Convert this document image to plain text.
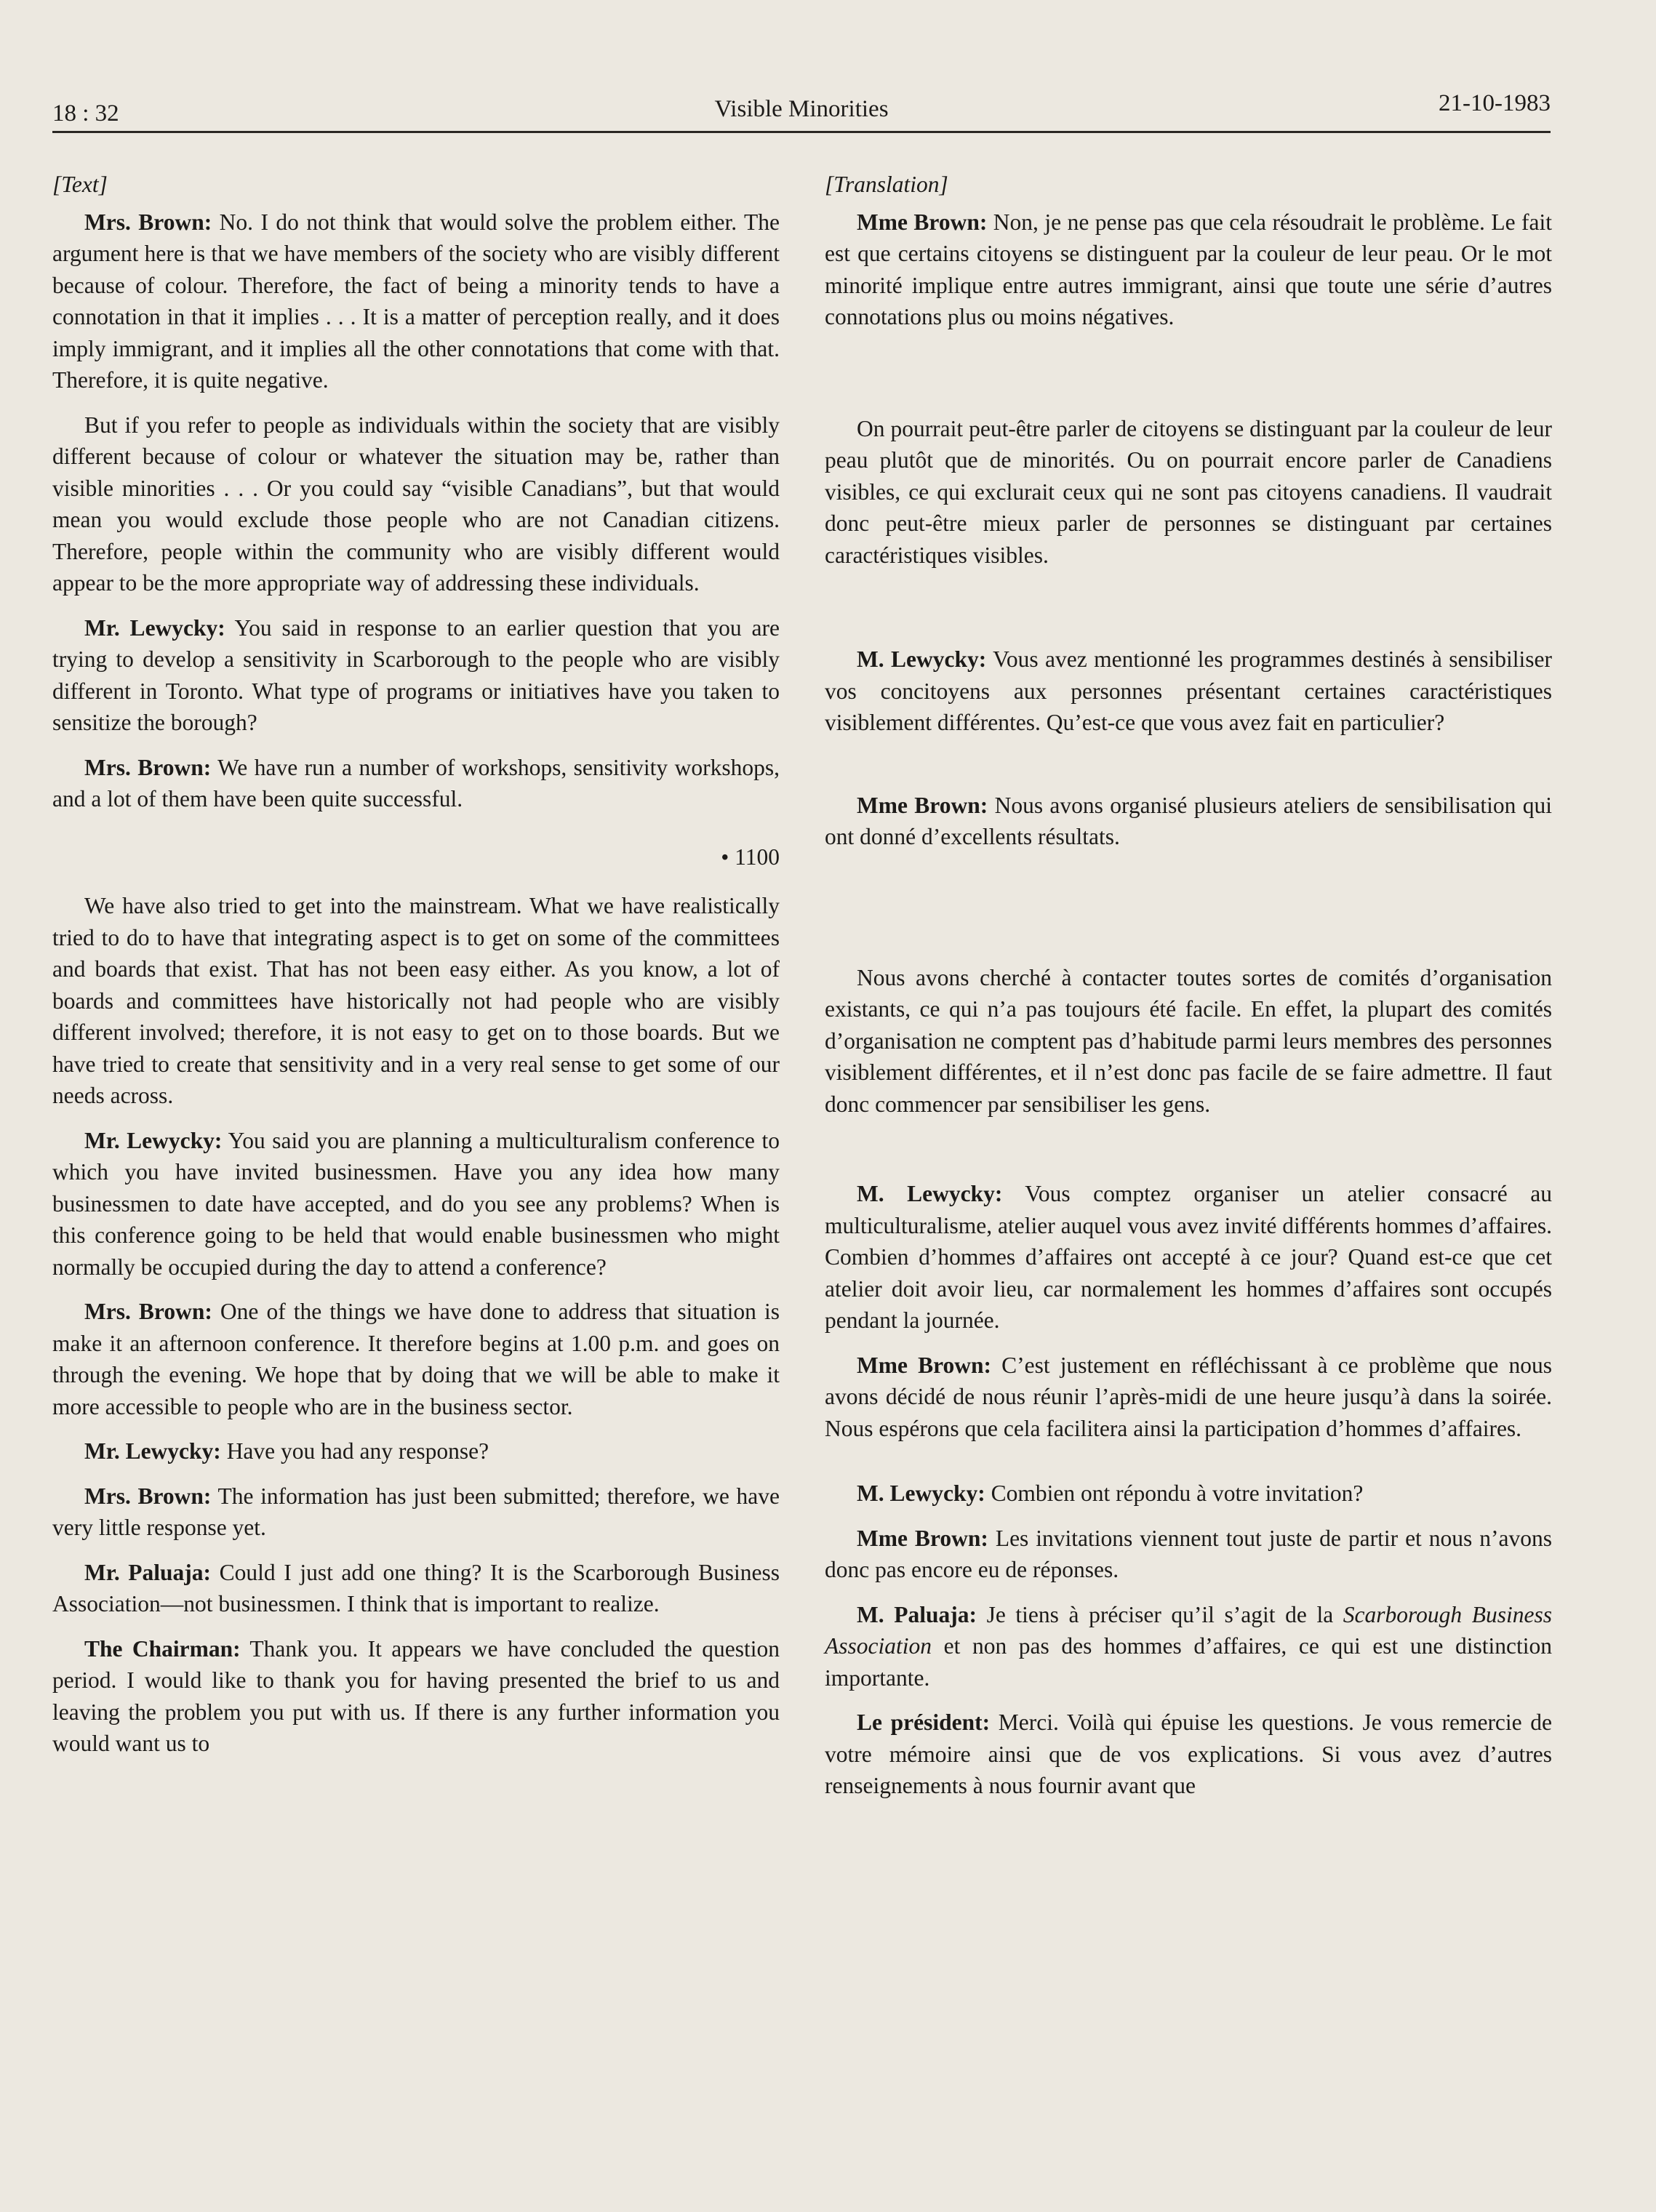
18 : 32	Visible Minorities	21-10-1983

[Text]

Mrs. Brown: No. I do not think that would solve the problem either. The argument here is that we have members of the society who are visibly different because of colour. Therefore, the fact of being a minority tends to have a connotation in that it implies . . . It is a matter of perception really, and it does imply immigrant, and it implies all the other connotations that come with that. Therefore, it is quite negative.

But if you refer to people as individuals within the society that are visibly different because of colour or whatever the situation may be, rather than visible minorities . . . Or you could say “visible Canadians”, but that would mean you would exclude those people who are not Canadian citizens. Therefore, people within the community who are visibly different would appear to be the more appropriate way of addressing these individuals.

Mr. Lewycky: You said in response to an earlier question that you are trying to develop a sensitivity in Scarborough to the people who are visibly different in Toronto. What type of programs or initiatives have you taken to sensitize the borough?

Mrs. Brown: We have run a number of workshops, sensitivity workshops, and a lot of them have been quite successful.

• 1100

We have also tried to get into the mainstream. What we have realistically tried to do to have that integrating aspect is to get on some of the committees and boards that exist. That has not been easy either. As you know, a lot of boards and committees have historically not had people who are visibly different involved; therefore, it is not easy to get on to those boards. But we have tried to create that sensitivity and in a very real sense to get some of our needs across.

Mr. Lewycky: You said you are planning a multiculturalism conference to which you have invited businessmen. Have you any idea how many businessmen to date have accepted, and do you see any problems? When is this conference going to be held that would enable businessmen who might normally be occupied during the day to attend a conference?

Mrs. Brown: One of the things we have done to address that situation is make it an afternoon conference. It therefore begins at 1.00 p.m. and goes on through the evening. We hope that by doing that we will be able to make it more accessible to people who are in the business sector.

Mr. Lewycky: Have you had any response?

Mrs. Brown: The information has just been submitted; therefore, we have very little response yet.

Mr. Paluaja: Could I just add one thing? It is the Scarborough Business Association—not businessmen. I think that is important to realize.

The Chairman: Thank you. It appears we have concluded the question period. I would like to thank you for having presented the brief to us and leaving the problem you put with us. If there is any further information you would want us to

[Translation]

Mme Brown: Non, je ne pense pas que cela résoudrait le problème. Le fait est que certains citoyens se distinguent par la couleur de leur peau. Or le mot minorité implique entre autres immigrant, ainsi que toute une série d’autres connotations plus ou moins négatives.

On pourrait peut-être parler de citoyens se distinguant par la couleur de leur peau plutôt que de minorités. Ou on pourrait encore parler de Canadiens visibles, ce qui exclurait ceux qui ne sont pas citoyens canadiens. Il vaudrait donc peut-être mieux parler de personnes se distinguant par certaines caractéristiques visibles.

M. Lewycky: Vous avez mentionné les programmes destinés à sensibiliser vos concitoyens aux personnes présentant certaines caractéristiques visiblement différentes. Qu’est-ce que vous avez fait en particulier?

Mme Brown: Nous avons organisé plusieurs ateliers de sensibilisation qui ont donné d’excellents résultats.

Nous avons cherché à contacter toutes sortes de comités d’organisation existants, ce qui n’a pas toujours été facile. En effet, la plupart des comités d’organisation ne comptent pas d’habitude parmi leurs membres des personnes visiblement différentes, et il n’est donc pas facile de se faire admettre. Il faut donc commencer par sensibiliser les gens.

M. Lewycky: Vous comptez organiser un atelier consacré au multiculturalisme, atelier auquel vous avez invité différents hommes d’affaires. Combien d’hommes d’affaires ont accepté à ce jour? Quand est-ce que cet atelier doit avoir lieu, car normalement les hommes d’affaires sont occupés pendant la journée.

Mme Brown: C’est justement en réfléchissant à ce problème que nous avons décidé de nous réunir l’après-midi de une heure jusqu’à dans la soirée. Nous espérons que cela facilitera ainsi la participation d’hommes d’affaires.

M. Lewycky: Combien ont répondu à votre invitation?

Mme Brown: Les invitations viennent tout juste de partir et nous n’avons donc pas encore eu de réponses.

M. Paluaja: Je tiens à préciser qu’il s’agit de la Scarborough Business Association et non pas des hommes d’affaires, ce qui est une distinction importante.

Le président: Merci. Voilà qui épuise les questions. Je vous remercie de votre mémoire ainsi que de vos explications. Si vous avez d’autres renseignements à nous fournir avant que
